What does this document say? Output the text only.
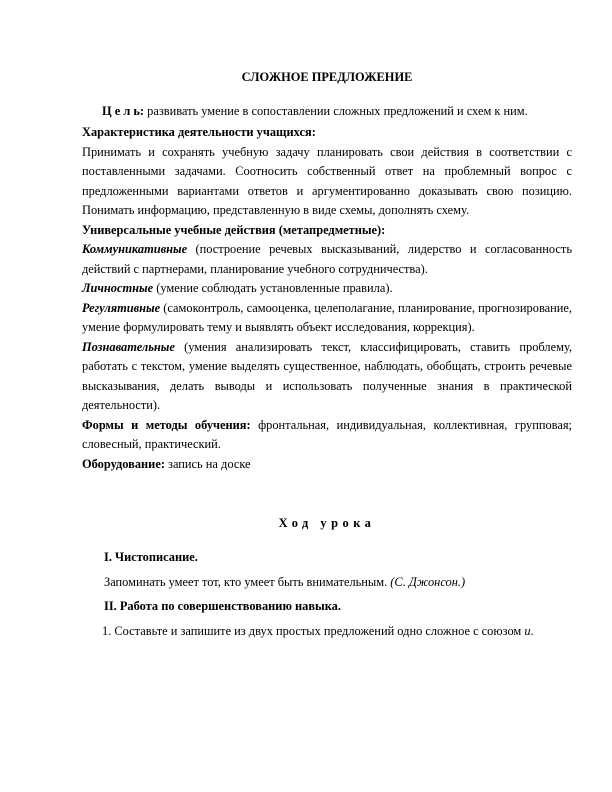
СЛОЖНОЕ ПРЕДЛОЖЕНИЕ

Ц е л ь: развивать умение в сопоставлении сложных предложений и схем к ним.

Характеристика деятельности учащихся:

Принимать и сохранять учебную задачу планировать свои действия в соответствии с поставленными задачами. Соотносить собственный ответ на проблемный вопрос с предложенными вариантами ответов и аргументированно доказывать свою позицию. Понимать информацию, представленную в виде схемы, дополнять схему.

Универсальные учебные действия (метапредметные):

Коммуникативные (построение речевых высказываний, лидерство и согласованность действий с партнерами, планирование учебного сотрудничества).

Личностные (умение соблюдать установленные правила).

Регулятивные (самоконтроль, самооценка, целеполагание, планирование, прогнозирование, умение формулировать тему и выявлять объект исследования, коррекция).

Познавательные (умения анализировать текст, классифицировать, ставить проблему, работать с текстом, умение выделять существенное, наблюдать, обобщать, строить речевые высказывания, делать выводы и использовать полученные знания в практической деятельности).

Формы и методы обучения: фронтальная, индивидуальная, коллективная, групповая; словесный, практический.

Оборудование: запись на доске

Ход урока

I. Чистописание.

Запоминать умеет тот, кто умеет быть внимательным. (С. Джонсон.)

II. Работа по совершенствованию навыка.

1. Составьте и запишите из двух простых предложений одно сложное с союзом и.
